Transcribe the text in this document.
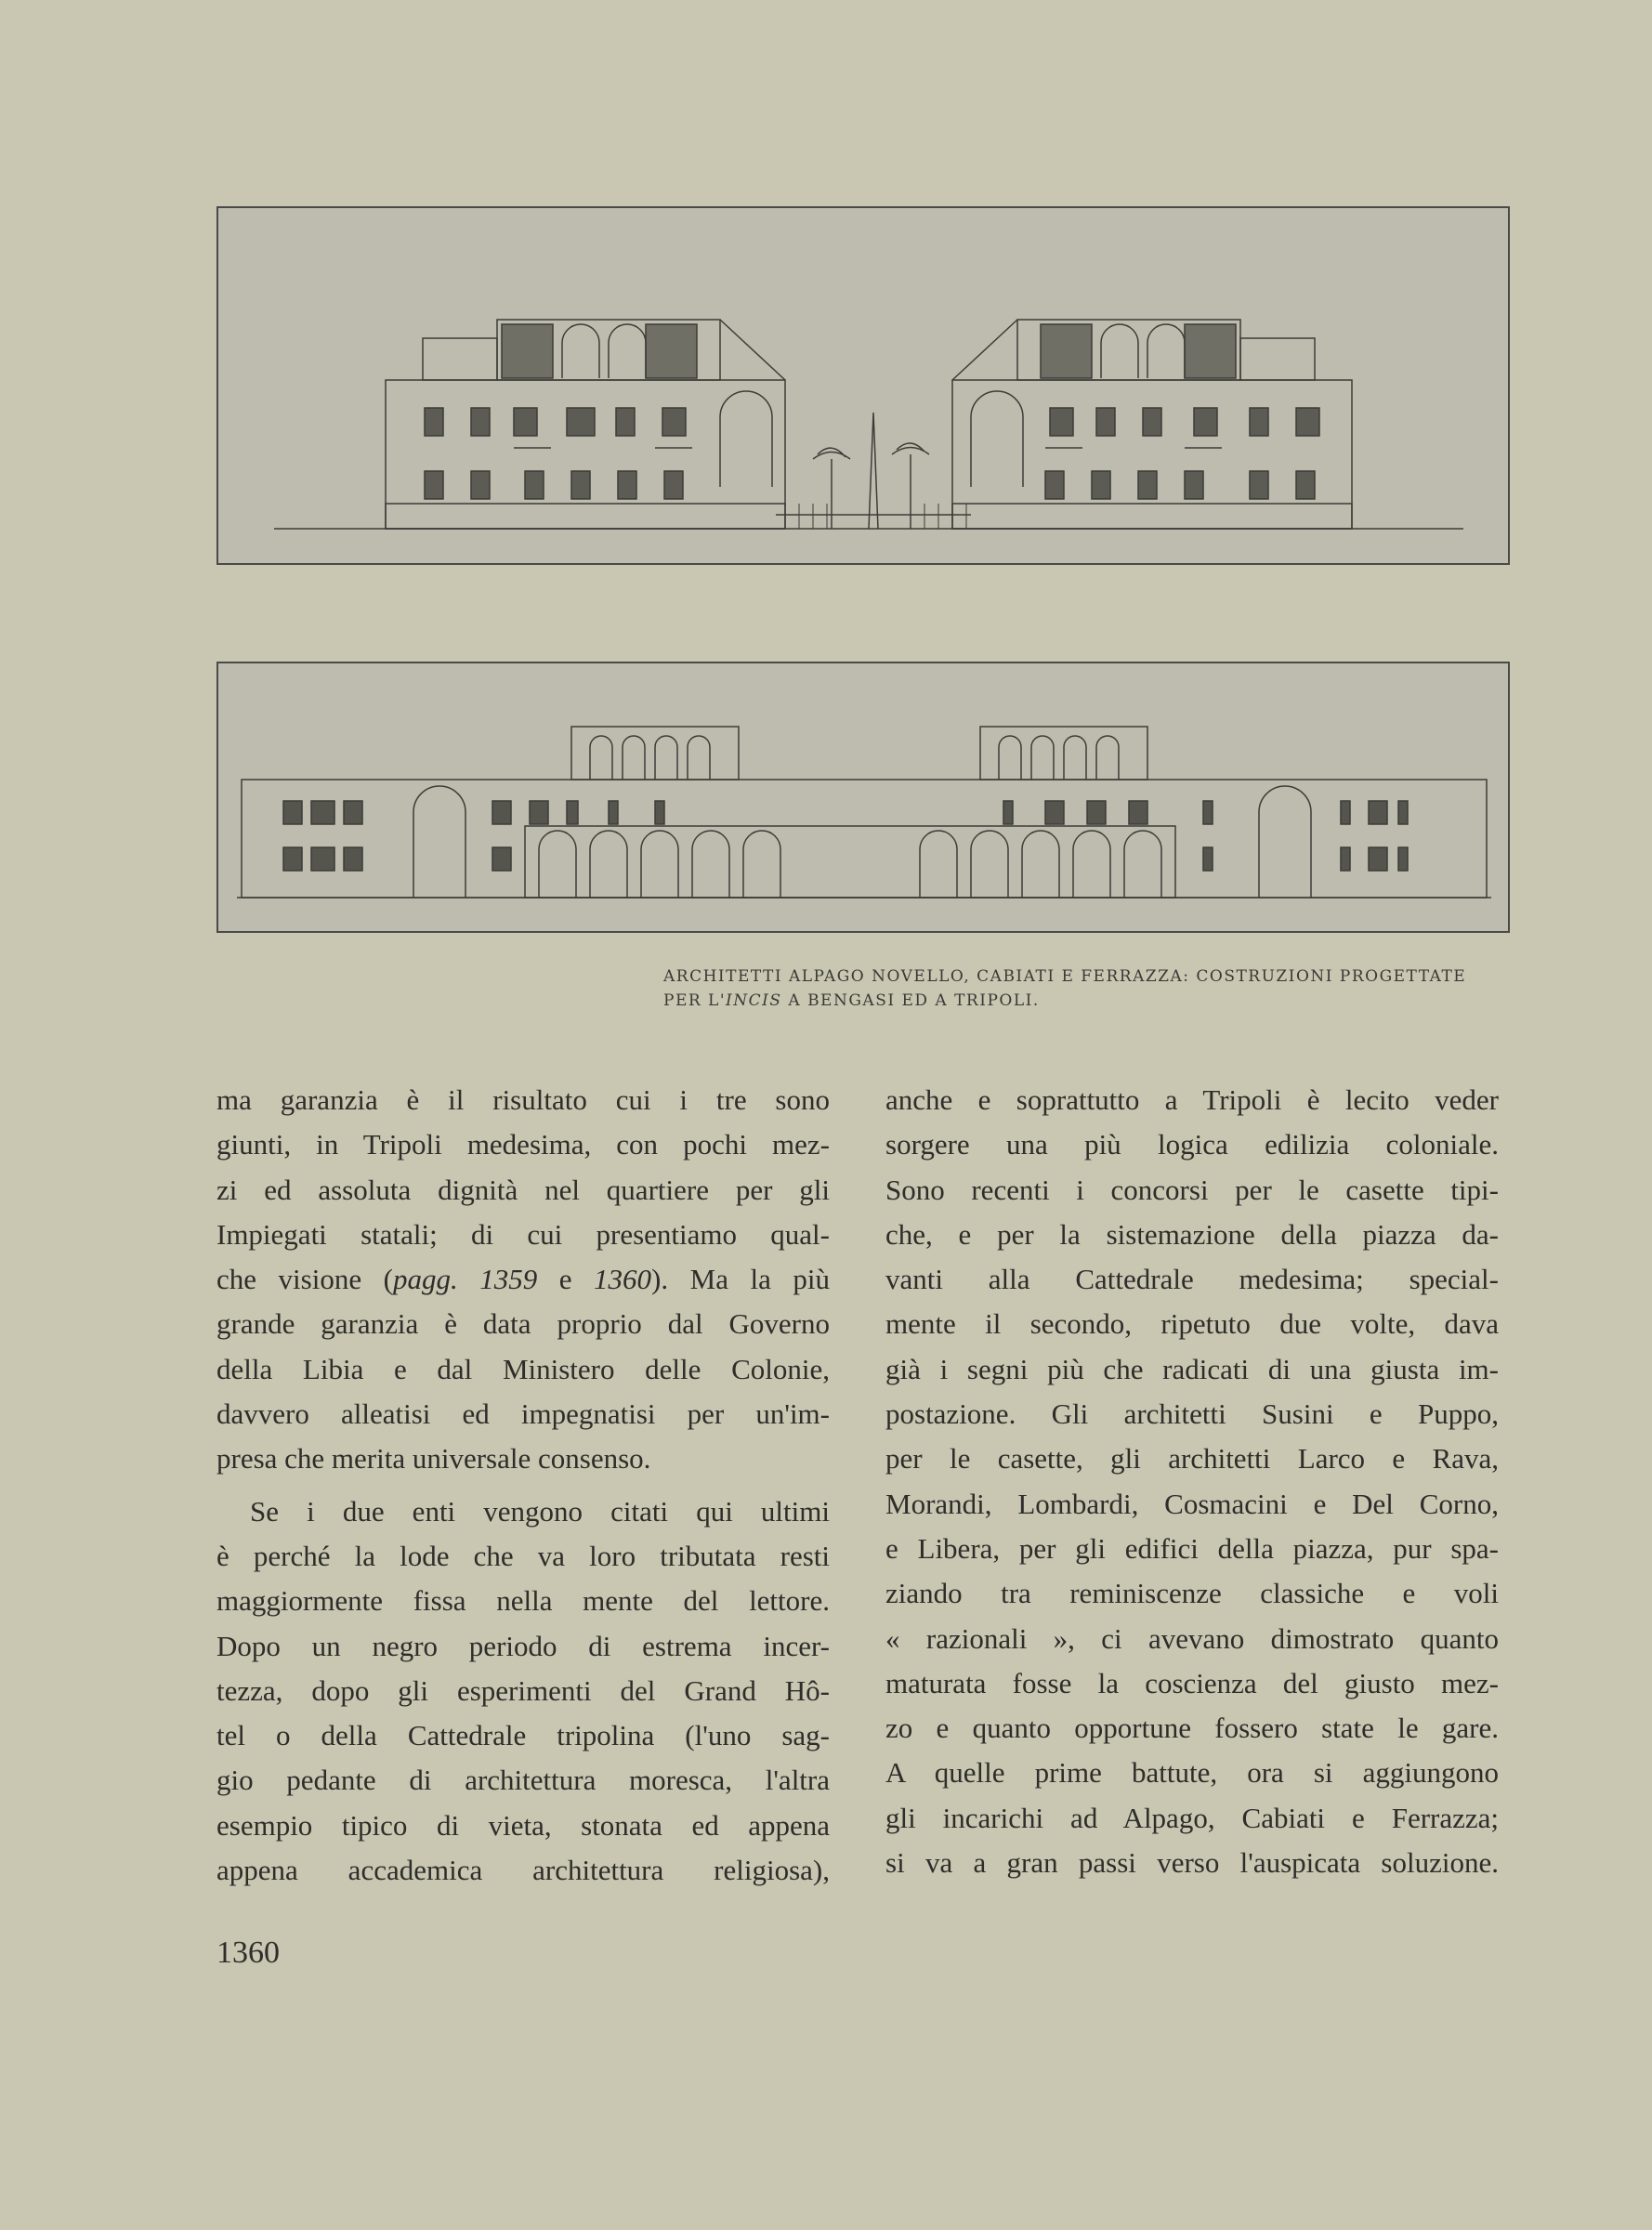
ARCHITETTI ALPAGO NOVELLO, CABIATI E FERRAZZA: COSTRUZIONI PROGETTATE
PER L'INCIS A BENGASI ED A TRIPOLI.
ma garanzia è il risultato cui i tre sono
giunti, in Tripoli medesima, con pochi mez-
zi ed assoluta dignità nel quartiere per gli
Impiegati statali; di cui presentiamo qual-
che visione (pagg. 1359 e 1360). Ma la più
grande garanzia è data proprio dal Governo
della Libia e dal Ministero delle Colonie,
davvero alleatisi ed impegnatisi per un'im-
presa che merita universale consenso.
Se i due enti vengono citati qui ultimi
è perché la lode che va loro tributata resti
maggiormente fissa nella mente del lettore.
Dopo un negro periodo di estrema incer-
tezza, dopo gli esperimenti del Grand Hô-
tel o della Cattedrale tripolina (l'uno sag-
gio pedante di architettura moresca, l'altra
esempio tipico di vieta, stonata ed appena
appena accademica architettura religiosa),
anche e soprattutto a Tripoli è lecito veder
sorgere una più logica edilizia coloniale.
Sono recenti i concorsi per le casette tipi-
che, e per la sistemazione della piazza da-
vanti alla Cattedrale medesima; special-
mente il secondo, ripetuto due volte, dava
già i segni più che radicati di una giusta im-
postazione. Gli architetti Susini e Puppo,
per le casette, gli architetti Larco e Rava,
Morandi, Lombardi, Cosmacini e Del Corno,
e Libera, per gli edifici della piazza, pur spa-
ziando tra reminiscenze classiche e voli
« razionali », ci avevano dimostrato quanto
maturata fosse la coscienza del giusto mez-
zo e quanto opportune fossero state le gare.
A quelle prime battute, ora si aggiungono
gli incarichi ad Alpago, Cabiati e Ferrazza;
si va a gran passi verso l'auspicata soluzione.
1360
